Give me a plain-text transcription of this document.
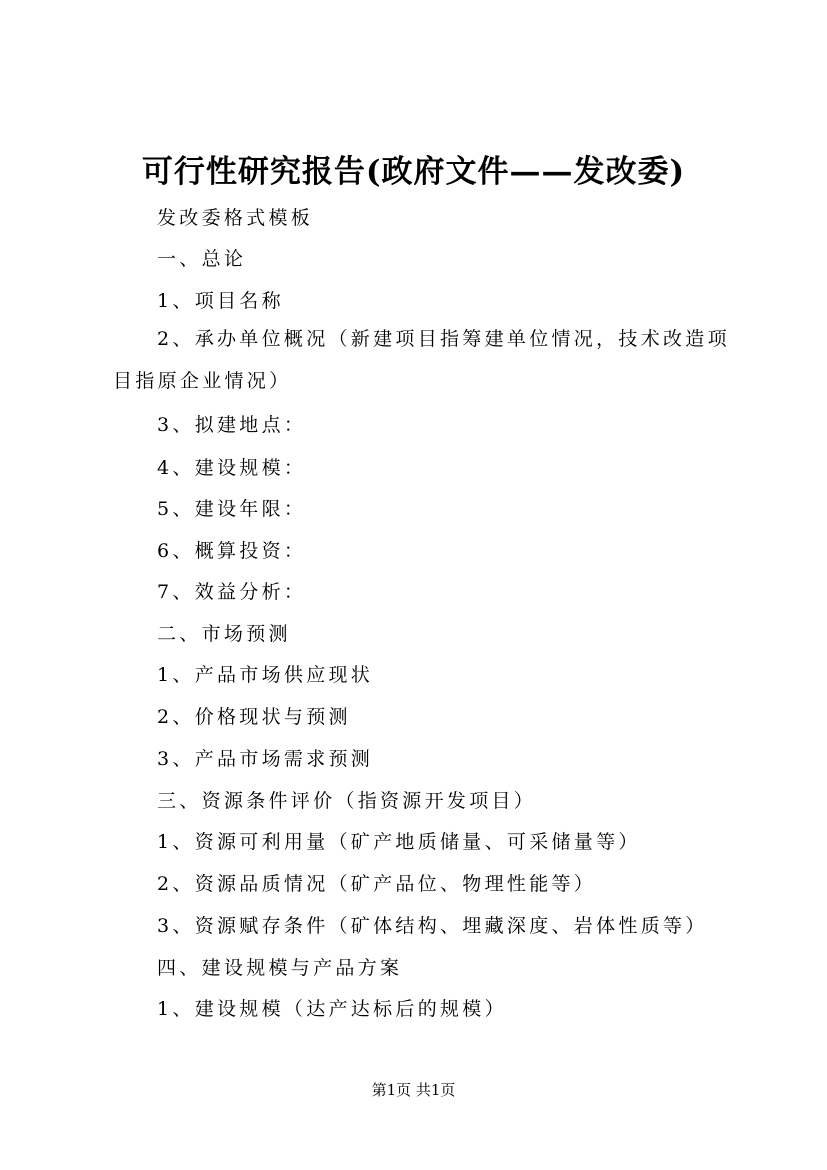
可行性研究报告(政府文件——发改委)
发改委格式模板
一、总论
1、项目名称
2、承办单位概况（新建项目指筹建单位情况，技术改造项目指原企业情况）
3、拟建地点：
4、建设规模：
5、建设年限：
6、概算投资：
7、效益分析：
二、市场预测
1、产品市场供应现状
2、价格现状与预测
3、产品市场需求预测
三、资源条件评价（指资源开发项目）
1、资源可利用量（矿产地质储量、可采储量等）
2、资源品质情况（矿产品位、物理性能等）
3、资源赋存条件（矿体结构、埋藏深度、岩体性质等）
四、建设规模与产品方案
1、建设规模（达产达标后的规模）
第1页 共1页
